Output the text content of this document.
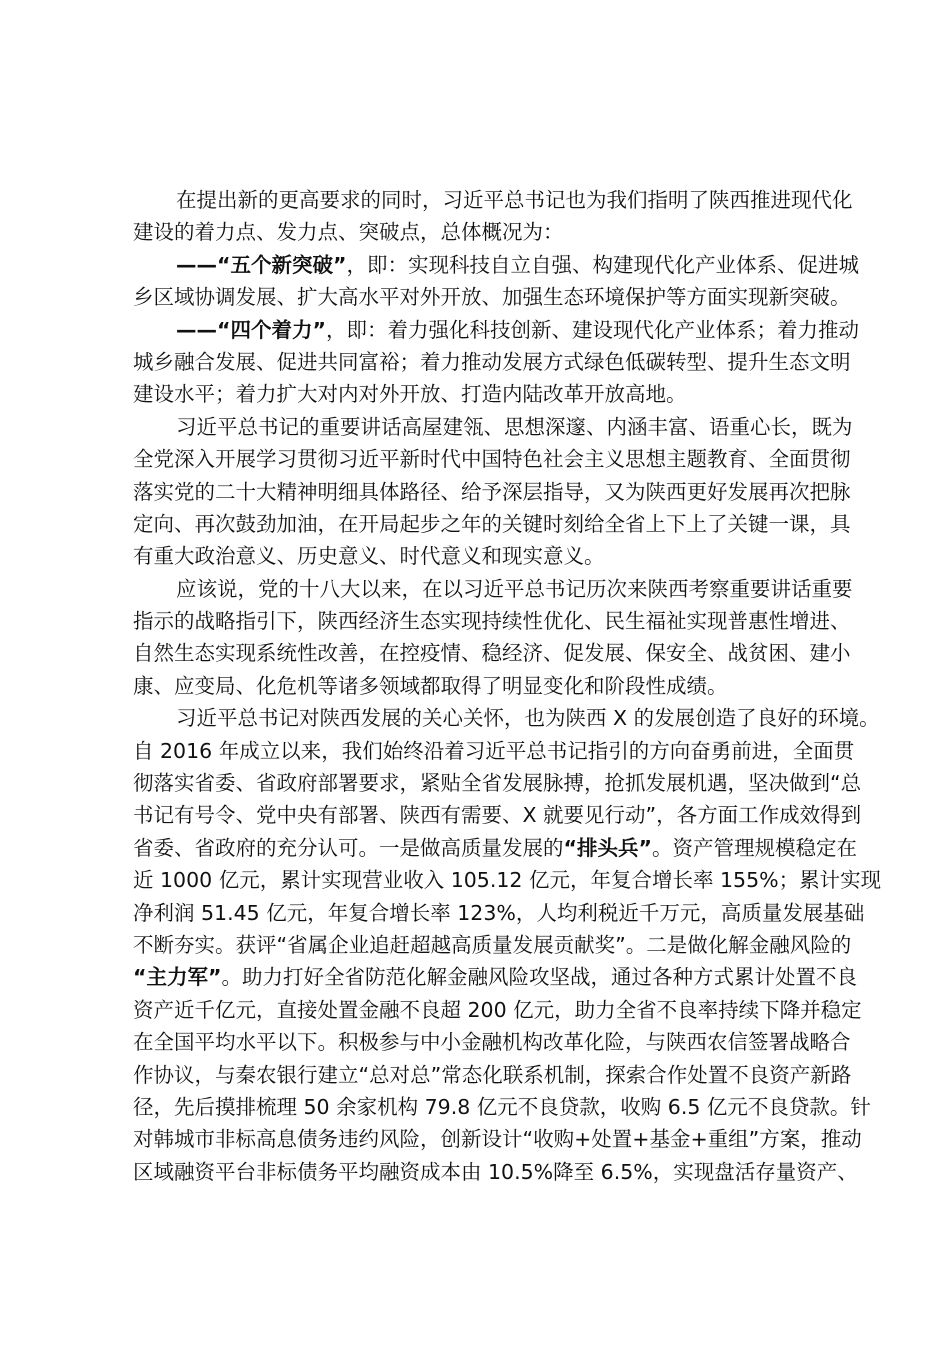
在提出新的更高要求的同时，习近平总书记也为我们指明了陕西推进现代化
建设的着力点、发力点、突破点，总体概况为：
——“五个新突破”，即：实现科技自立自强、构建现代化产业体系、促进城
乡区域协调发展、扩大高水平对外开放、加强生态环境保护等方面实现新突破。
——“四个着力”，即：着力强化科技创新、建设现代化产业体系；着力推动
城乡融合发展、促进共同富裕；着力推动发展方式绿色低碳转型、提升生态文明
建设水平；着力扩大对内对外开放、打造内陆改革开放高地。
习近平总书记的重要讲话高屋建瓴、思想深邃、内涵丰富、语重心长，既为
全党深入开展学习贯彻习近平新时代中国特色社会主义思想主题教育、全面贯彻
落实党的二十大精神明细具体路径、给予深层指导，又为陕西更好发展再次把脉
定向、再次鼓劲加油，在开局起步之年的关键时刻给全省上下上了关键一课，具
有重大政治意义、历史意义、时代意义和现实意义。
应该说，党的十八大以来，在以习近平总书记历次来陕西考察重要讲话重要
指示的战略指引下，陕西经济生态实现持续性优化、民生福祉实现普惠性增进、
自然生态实现系统性改善，在控疫情、稳经济、促发展、保安全、战贫困、建小
康、应变局、化危机等诸多领域都取得了明显变化和阶段性成绩。
习近平总书记对陕西发展的关心关怀，也为陕西 X 的发展创造了良好的环境。
自 2016 年成立以来，我们始终沿着习近平总书记指引的方向奋勇前进，全面贯
彻落实省委、省政府部署要求，紧贴全省发展脉搏，抢抓发展机遇，坚决做到“总
书记有号令、党中央有部署、陕西有需要、X 就要见行动”，各方面工作成效得到
省委、省政府的充分认可。一是做高质量发展的“排头兵”。资产管理规模稳定在
近 1000 亿元，累计实现营业收入 105.12 亿元，年复合增长率 155%；累计实现
净利润 51.45 亿元，年复合增长率 123%，人均利税近千万元，高质量发展基础
不断夯实。获评“省属企业追赶超越高质量发展贡献奖”。二是做化解金融风险的
“主力军”。助力打好全省防范化解金融风险攻坚战，通过各种方式累计处置不良
资产近千亿元，直接处置金融不良超 200 亿元，助力全省不良率持续下降并稳定
在全国平均水平以下。积极参与中小金融机构改革化险，与陕西农信签署战略合
作协议，与秦农银行建立“总对总”常态化联系机制，探索合作处置不良资产新路
径，先后摸排梳理 50 余家机构 79.8 亿元不良贷款，收购 6.5 亿元不良贷款。针
对韩城市非标高息债务违约风险，创新设计“收购+处置+基金+重组”方案，推动
区域融资平台非标债务平均融资成本由 10.5%降至 6.5%，实现盘活存量资产、
